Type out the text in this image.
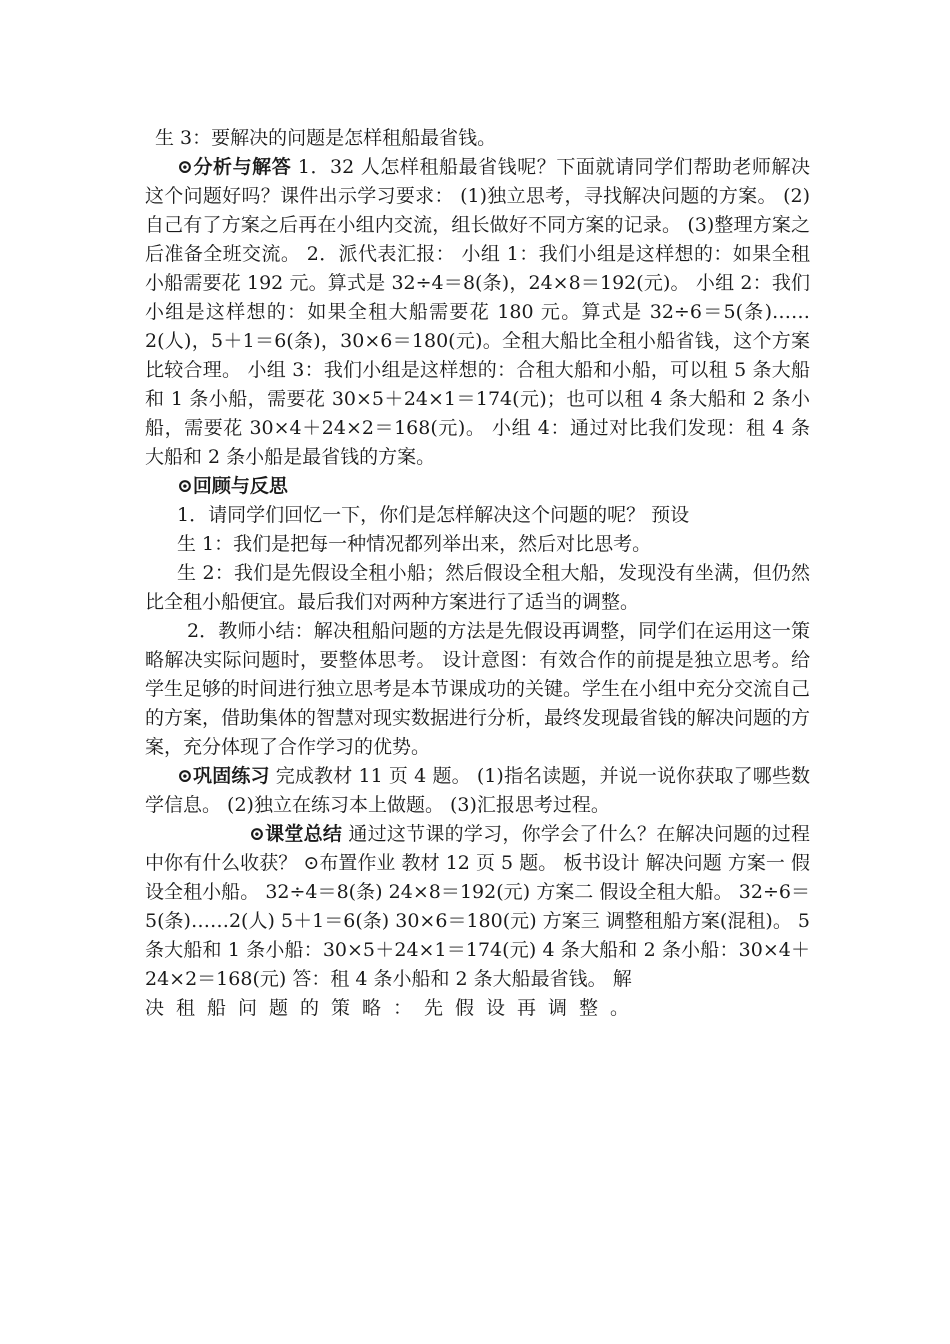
生 3：要解决的问题是怎样租船最省钱。

⊙分析与解答 1．32 人怎样租船最省钱呢？下面就请同学们帮助老师解决这个问题好吗？课件出示学习要求： (1)独立思考，寻找解决问题的方案。 (2)自己有了方案之后再在小组内交流，组长做好不同方案的记录。 (3)整理方案之后准备全班交流。 2．派代表汇报： 小组 1：我们小组是这样想的：如果全租小船需要花 192 元。算式是 32÷4＝8(条)，24×8＝192(元)。 小组 2：我们小组是这样想的：如果全租大船需要花 180 元。算式是 32÷6＝5(条)……2(人)，5＋1＝6(条)，30×6＝180(元)。全租大船比全租小船省钱，这个方案比较合理。 小组 3：我们小组是这样想的：合租大船和小船，可以租 5 条大船和 1 条小船，需要花 30×5＋24×1＝174(元)；也可以租 4 条大船和 2 条小船，需要花 30×4＋24×2＝168(元)。 小组 4：通过对比我们发现：租 4 条大船和 2 条小船是最省钱的方案。

⊙回顾与反思

1．请同学们回忆一下，你们是怎样解决这个问题的呢？ 预设

生 1：我们是把每一种情况都列举出来，然后对比思考。

生 2：我们是先假设全租小船；然后假设全租大船，发现没有坐满，但仍然比全租小船便宜。最后我们对两种方案进行了适当的调整。

2．教师小结：解决租船问题的方法是先假设再调整，同学们在运用这一策略解决实际问题时，要整体思考。 设计意图：有效合作的前提是独立思考。给学生足够的时间进行独立思考是本节课成功的关键。学生在小组中充分交流自己的方案，借助集体的智慧对现实数据进行分析，最终发现最省钱的解决问题的方案，充分体现了合作学习的优势。

⊙巩固练习 完成教材 11 页 4 题。 (1)指名读题，并说一说你获取了哪些数学信息。 (2)独立在练习本上做题。 (3)汇报思考过程。

⊙课堂总结 通过这节课的学习，你学会了什么？在解决问题的过程中你有什么收获？ ⊙布置作业 教材 12 页 5 题。 板书设计 解决问题 方案一 假设全租小船。 32÷4＝8(条) 24×8＝192(元) 方案二 假设全租大船。 32÷6＝5(条)……2(人) 5＋1＝6(条) 30×6＝180(元) 方案三 调整租船方案(混租)。 5 条大船和 1 条小船：30×5＋24×1＝174(元) 4 条大船和 2 条小船：30×4＋24×2＝168(元) 答：租 4 条小船和 2 条大船最省钱。 解

决租船问题的策略：先假设再调整。
